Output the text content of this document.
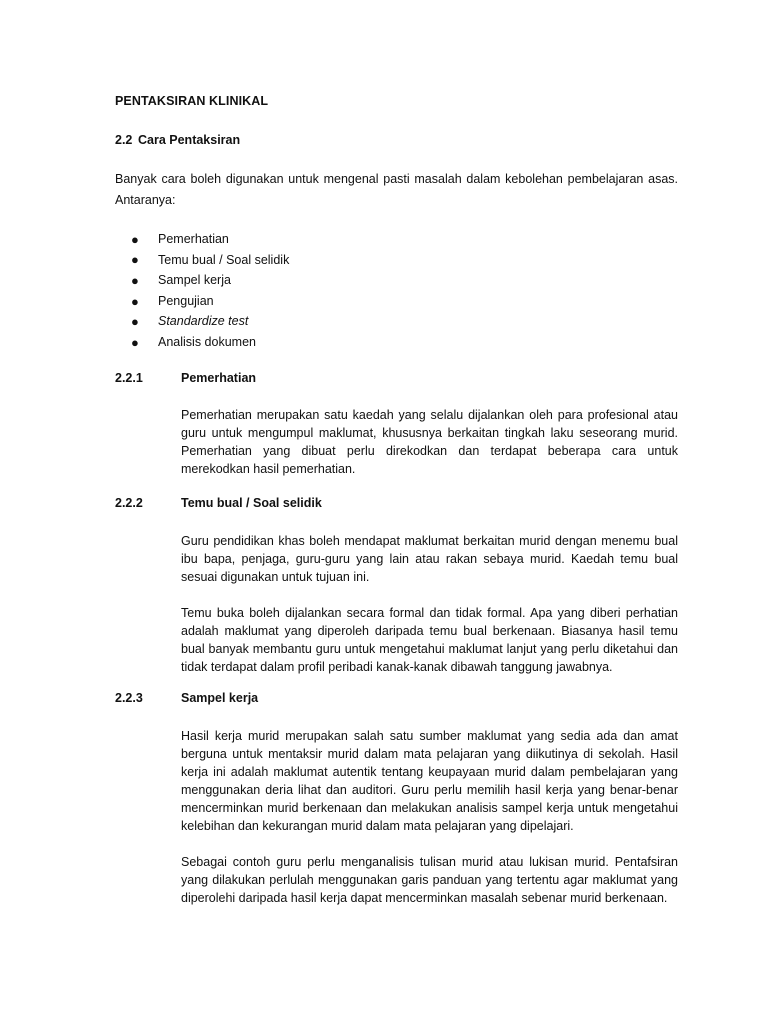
PENTAKSIRAN KLINIKAL
2.2 Cara Pentaksiran

Banyak cara boleh digunakan untuk mengenal pasti masalah dalam kebolehan pembelajaran asas. Antaranya:

●	Pemerhatian
●	Temu bual / Soal selidik
●	Sampel kerja
●	Pengujian
●	Standardize test
●	Analisis dokumen
2.2.1	Pemerhatian

Pemerhatian merupakan satu kaedah yang selalu dijalankan oleh para profesional atau guru untuk mengumpul maklumat, khususnya berkaitan tingkah laku seseorang murid. Pemerhatian yang dibuat perlu direkodkan dan terdapat beberapa cara untuk merekodkan hasil pemerhatian.

2.2.2	Temu bual / Soal selidik

Guru pendidikan khas boleh mendapat maklumat berkaitan murid dengan menemu bual ibu bapa, penjaga, guru-guru yang lain atau rakan sebaya murid. Kaedah temu bual sesuai digunakan untuk tujuan ini.

Temu buka boleh dijalankan secara formal dan tidak formal. Apa yang diberi perhatian adalah maklumat yang diperoleh daripada temu bual berkenaan. Biasanya hasil temu bual banyak membantu guru untuk mengetahui maklumat lanjut yang perlu diketahui dan tidak terdapat dalam profil peribadi kanak-kanak dibawah tanggung jawabnya.

2.2.3	Sampel kerja

Hasil kerja murid merupakan salah satu sumber maklumat yang sedia ada dan amat berguna untuk mentaksir murid dalam mata pelajaran yang diikutinya di sekolah. Hasil kerja ini adalah maklumat autentik tentang keupayaan murid dalam pembelajaran yang menggunakan deria lihat dan auditori. Guru perlu memilih hasil kerja yang benar-benar mencerminkan murid berkenaan dan melakukan analisis sampel kerja untuk mengetahui kelebihan dan kekurangan murid dalam mata pelajaran yang dipelajari.

Sebagai contoh guru perlu menganalisis tulisan murid atau lukisan murid. Pentafsiran yang dilakukan perlulah menggunakan garis panduan yang tertentu agar maklumat yang diperolehi daripada hasil kerja dapat mencerminkan masalah sebenar murid berkenaan.
